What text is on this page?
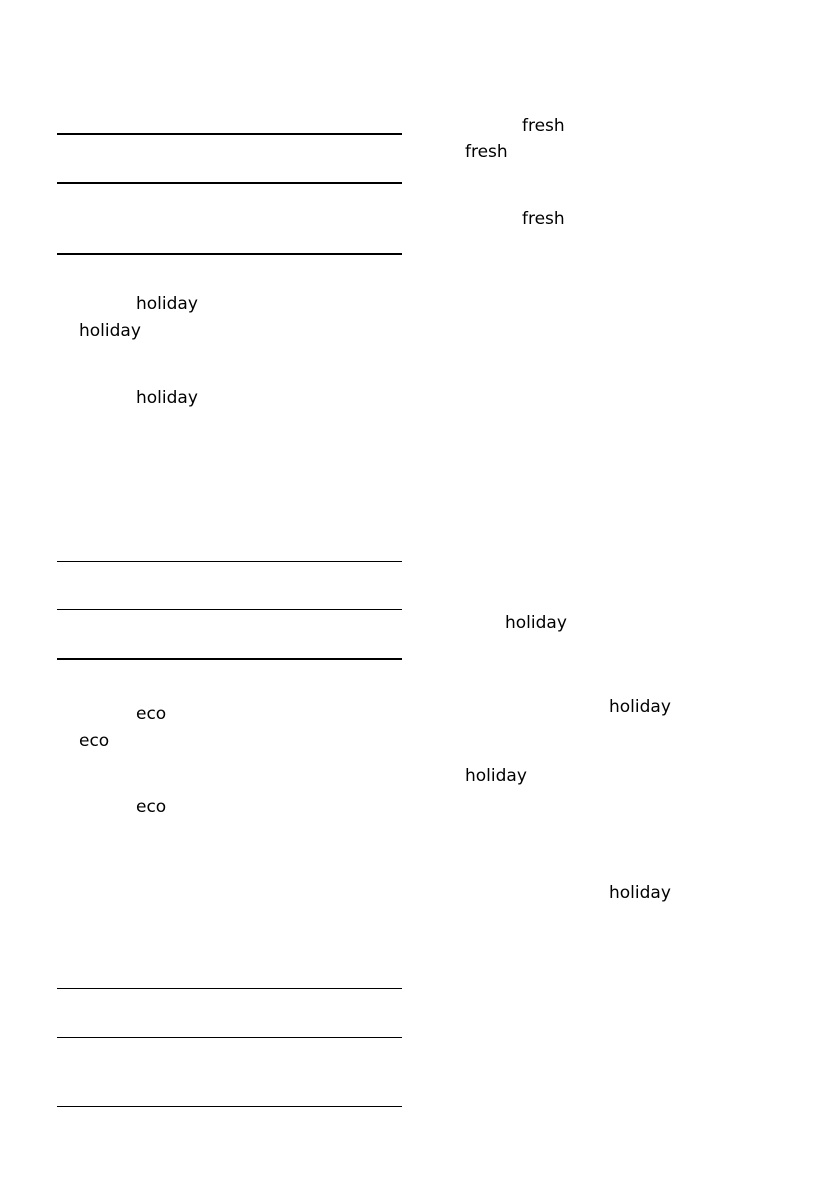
holiday
holiday
holiday
eco
eco
eco
fresh
fresh
fresh
holiday
holiday
holiday
holiday
